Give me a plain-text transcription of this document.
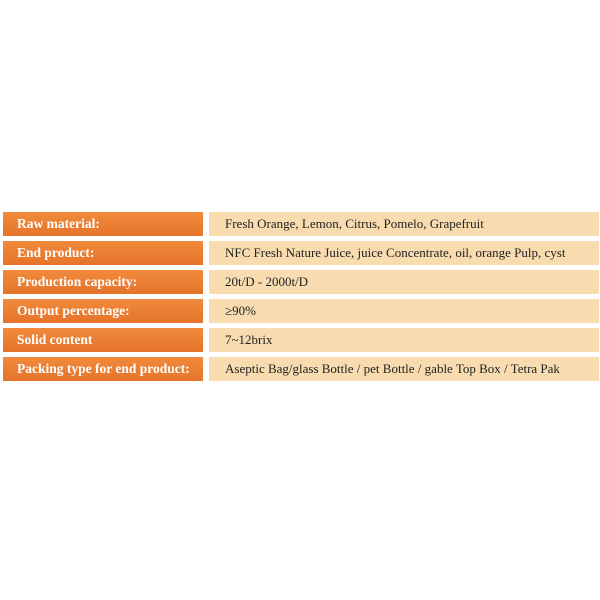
Raw material:	Fresh Orange, Lemon, Citrus, Pomelo, Grapefruit
End product:	NFC Fresh Nature Juice, juice Concentrate, oil, orange Pulp, cyst
Production capacity:	20t/D - 2000t/D
Output percentage:	≥90%
Solid content	7~12brix
Packing type for end product:	Aseptic Bag/glass Bottle / pet Bottle / gable Top Box / Tetra Pak
